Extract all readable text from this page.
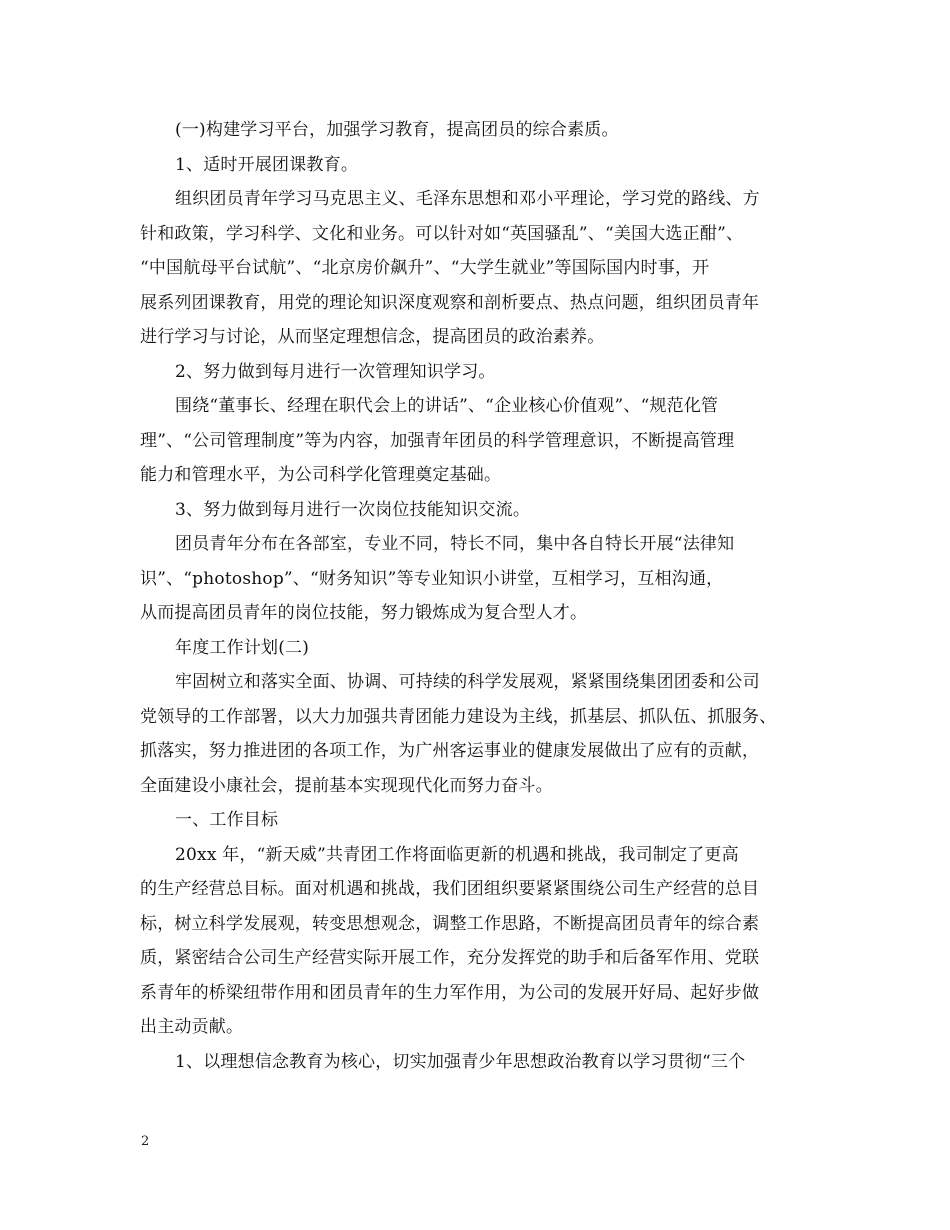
(一)构建学习平台，加强学习教育，提高团员的综合素质。
1、适时开展团课教育。
组织团员青年学习马克思主义、毛泽东思想和邓小平理论，学习党的路线、方
针和政策，学习科学、文化和业务。可以针对如“英国骚乱”、“美国大选正酣”、
“中国航母平台试航”、“北京房价飙升”、“大学生就业”等国际国内时事，开
展系列团课教育，用党的理论知识深度观察和剖析要点、热点问题，组织团员青年
进行学习与讨论，从而坚定理想信念，提高团员的政治素养。
2、努力做到每月进行一次管理知识学习。
围绕“董事长、经理在职代会上的讲话”、“企业核心价值观”、“规范化管
理”、“公司管理制度”等为内容，加强青年团员的科学管理意识，不断提高管理
能力和管理水平，为公司科学化管理奠定基础。
3、努力做到每月进行一次岗位技能知识交流。
团员青年分布在各部室，专业不同，特长不同，集中各自特长开展“法律知
识”、“photoshop”、“财务知识”等专业知识小讲堂，互相学习，互相沟通，
从而提高团员青年的岗位技能，努力锻炼成为复合型人才。
年度工作计划(二)
牢固树立和落实全面、协调、可持续的科学发展观，紧紧围绕集团团委和公司
党领导的工作部署，以大力加强共青团能力建设为主线，抓基层、抓队伍、抓服务、
抓落实，努力推进团的各项工作，为广州客运事业的健康发展做出了应有的贡献，
全面建设小康社会，提前基本实现现代化而努力奋斗。
一、工作目标
20xx 年，“新天威”共青团工作将面临更新的机遇和挑战，我司制定了更高
的生产经营总目标。面对机遇和挑战，我们团组织要紧紧围绕公司生产经营的总目
标，树立科学发展观，转变思想观念，调整工作思路，不断提高团员青年的综合素
质，紧密结合公司生产经营实际开展工作，充分发挥党的助手和后备军作用、党联
系青年的桥梁纽带作用和团员青年的生力军作用，为公司的发展开好局、起好步做
出主动贡献。
1、以理想信念教育为核心，切实加强青少年思想政治教育以学习贯彻“三个
2
